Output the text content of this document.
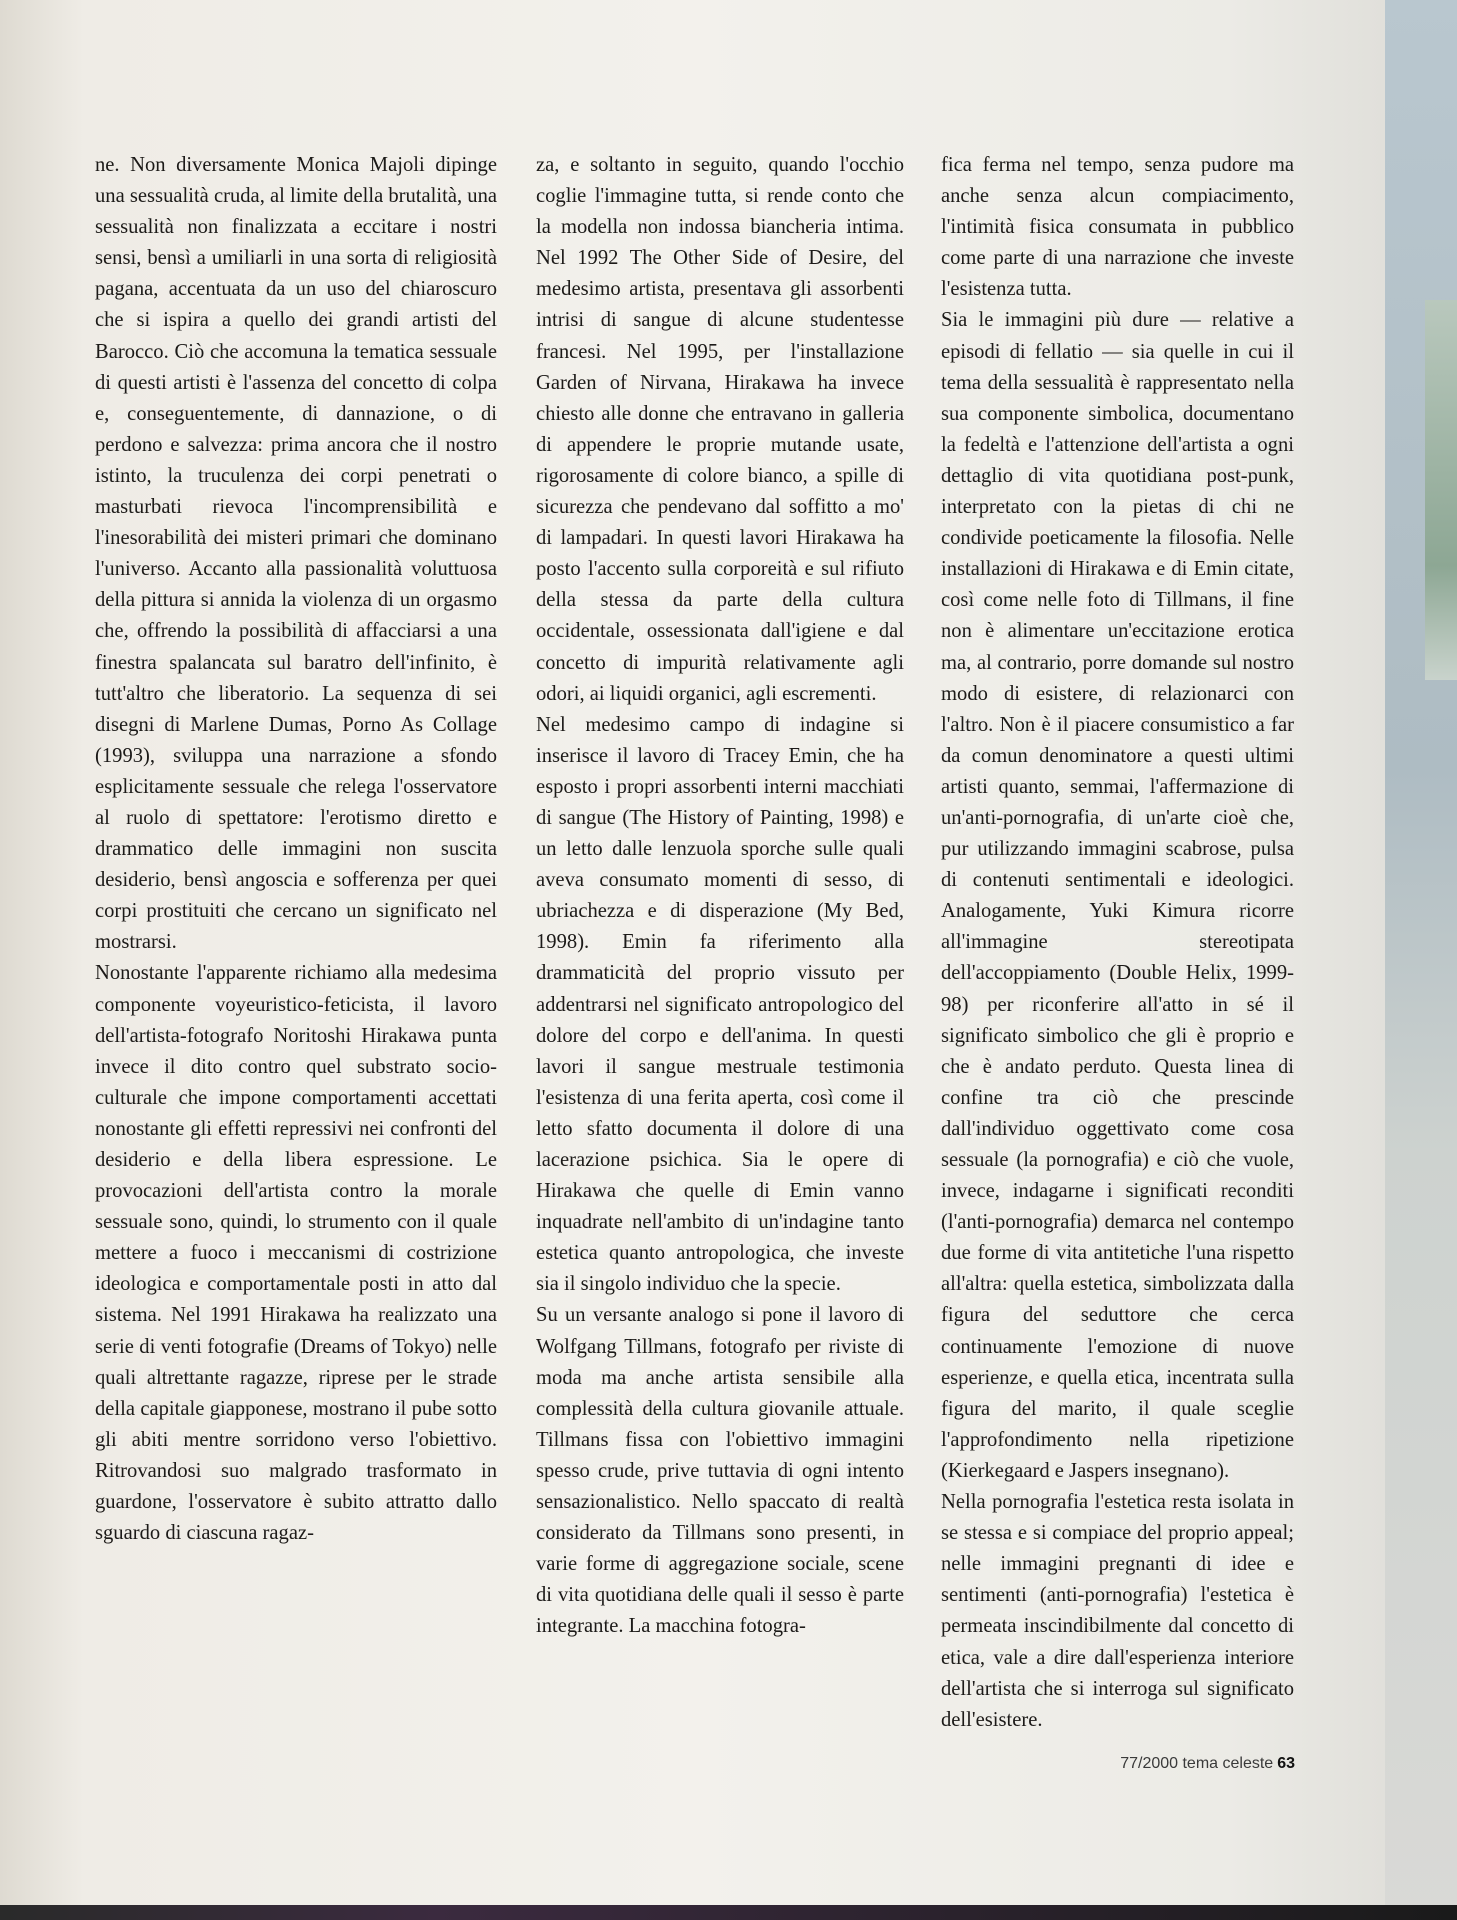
ne. Non diversamente Monica Majoli dipinge una sessualità cruda, al limite della brutalità, una sessualità non finalizzata a eccitare i nostri sensi, bensì a umiliarli in una sorta di religiosità pagana, accentuata da un uso del chiaroscuro che si ispira a quello dei grandi artisti del Barocco. Ciò che accomuna la tematica sessuale di questi artisti è l'assenza del concetto di colpa e, conseguentemente, di dannazione, o di perdono e salvezza: prima ancora che il nostro istinto, la truculenza dei corpi penetrati o masturbati rievoca l'incomprensibilità e l'inesorabilità dei misteri primari che dominano l'universo. Accanto alla passionalità voluttuosa della pittura si annida la violenza di un orgasmo che, offrendo la possibilità di affacciarsi a una finestra spalancata sul baratro dell'infinito, è tutt'altro che liberatorio. La sequenza di sei disegni di Marlene Dumas, Porno As Collage (1993), sviluppa una narrazione a sfondo esplicitamente sessuale che relega l'osservatore al ruolo di spettatore: l'erotismo diretto e drammatico delle immagini non suscita desiderio, bensì angoscia e sofferenza per quei corpi prostituiti che cercano un significato nel mostrarsi.

Nonostante l'apparente richiamo alla medesima componente voyeuristico-feticista, il lavoro dell'artista-fotografo Noritoshi Hirakawa punta invece il dito contro quel substrato socio-culturale che impone comportamenti accettati nonostante gli effetti repressivi nei confronti del desiderio e della libera espressione. Le provocazioni dell'artista contro la morale sessuale sono, quindi, lo strumento con il quale mettere a fuoco i meccanismi di costrizione ideologica e comportamentale posti in atto dal sistema. Nel 1991 Hirakawa ha realizzato una serie di venti fotografie (Dreams of Tokyo) nelle quali altrettante ragazze, riprese per le strade della capitale giapponese, mostrano il pube sotto gli abiti mentre sorridono verso l'obiettivo. Ritrovandosi suo malgrado trasformato in guardone, l'osservatore è subito attratto dallo sguardo di ciascuna ragaz-

za, e soltanto in seguito, quando l'occhio coglie l'immagine tutta, si rende conto che la modella non indossa biancheria intima. Nel 1992 The Other Side of Desire, del medesimo artista, presentava gli assorbenti intrisi di sangue di alcune studentesse francesi. Nel 1995, per l'installazione Garden of Nirvana, Hirakawa ha invece chiesto alle donne che entravano in galleria di appendere le proprie mutande usate, rigorosamente di colore bianco, a spille di sicurezza che pendevano dal soffitto a mo' di lampadari. In questi lavori Hirakawa ha posto l'accento sulla corporeità e sul rifiuto della stessa da parte della cultura occidentale, ossessionata dall'igiene e dal concetto di impurità relativamente agli odori, ai liquidi organici, agli escrementi.

Nel medesimo campo di indagine si inserisce il lavoro di Tracey Emin, che ha esposto i propri assorbenti interni macchiati di sangue (The History of Painting, 1998) e un letto dalle lenzuola sporche sulle quali aveva consumato momenti di sesso, di ubriachezza e di disperazione (My Bed, 1998). Emin fa riferimento alla drammaticità del proprio vissuto per addentrarsi nel significato antropologico del dolore del corpo e dell'anima. In questi lavori il sangue mestruale testimonia l'esistenza di una ferita aperta, così come il letto sfatto documenta il dolore di una lacerazione psichica. Sia le opere di Hirakawa che quelle di Emin vanno inquadrate nell'ambito di un'indagine tanto estetica quanto antropologica, che investe sia il singolo individuo che la specie.

Su un versante analogo si pone il lavoro di Wolfgang Tillmans, fotografo per riviste di moda ma anche artista sensibile alla complessità della cultura giovanile attuale. Tillmans fissa con l'obiettivo immagini spesso crude, prive tuttavia di ogni intento sensazionalistico. Nello spaccato di realtà considerato da Tillmans sono presenti, in varie forme di aggregazione sociale, scene di vita quotidiana delle quali il sesso è parte integrante. La macchina fotogra-

fica ferma nel tempo, senza pudore ma anche senza alcun compiacimento, l'intimità fisica consumata in pubblico come parte di una narrazione che investe l'esistenza tutta.

Sia le immagini più dure — relative a episodi di fellatio — sia quelle in cui il tema della sessualità è rappresentato nella sua componente simbolica, documentano la fedeltà e l'attenzione dell'artista a ogni dettaglio di vita quotidiana post-punk, interpretato con la pietas di chi ne condivide poeticamente la filosofia. Nelle installazioni di Hirakawa e di Emin citate, così come nelle foto di Tillmans, il fine non è alimentare un'eccitazione erotica ma, al contrario, porre domande sul nostro modo di esistere, di relazionarci con l'altro. Non è il piacere consumistico a far da comun denominatore a questi ultimi artisti quanto, semmai, l'affermazione di un'anti-pornografia, di un'arte cioè che, pur utilizzando immagini scabrose, pulsa di contenuti sentimentali e ideologici. Analogamente, Yuki Kimura ricorre all'immagine stereotipata dell'accoppiamento (Double Helix, 1999-98) per riconferire all'atto in sé il significato simbolico che gli è proprio e che è andato perduto. Questa linea di confine tra ciò che prescinde dall'individuo oggettivato come cosa sessuale (la pornografia) e ciò che vuole, invece, indagarne i significati reconditi (l'anti-pornografia) demarca nel contempo due forme di vita antitetiche l'una rispetto all'altra: quella estetica, simbolizzata dalla figura del seduttore che cerca continuamente l'emozione di nuove esperienze, e quella etica, incentrata sulla figura del marito, il quale sceglie l'approfondimento nella ripetizione (Kierkegaard e Jaspers insegnano).

Nella pornografia l'estetica resta isolata in se stessa e si compiace del proprio appeal; nelle immagini pregnanti di idee e sentimenti (anti-pornografia) l'estetica è permeata inscindibilmente dal concetto di etica, vale a dire dall'esperienza interiore dell'artista che si interroga sul significato dell'esistere.

77/2000 tema celeste 63
